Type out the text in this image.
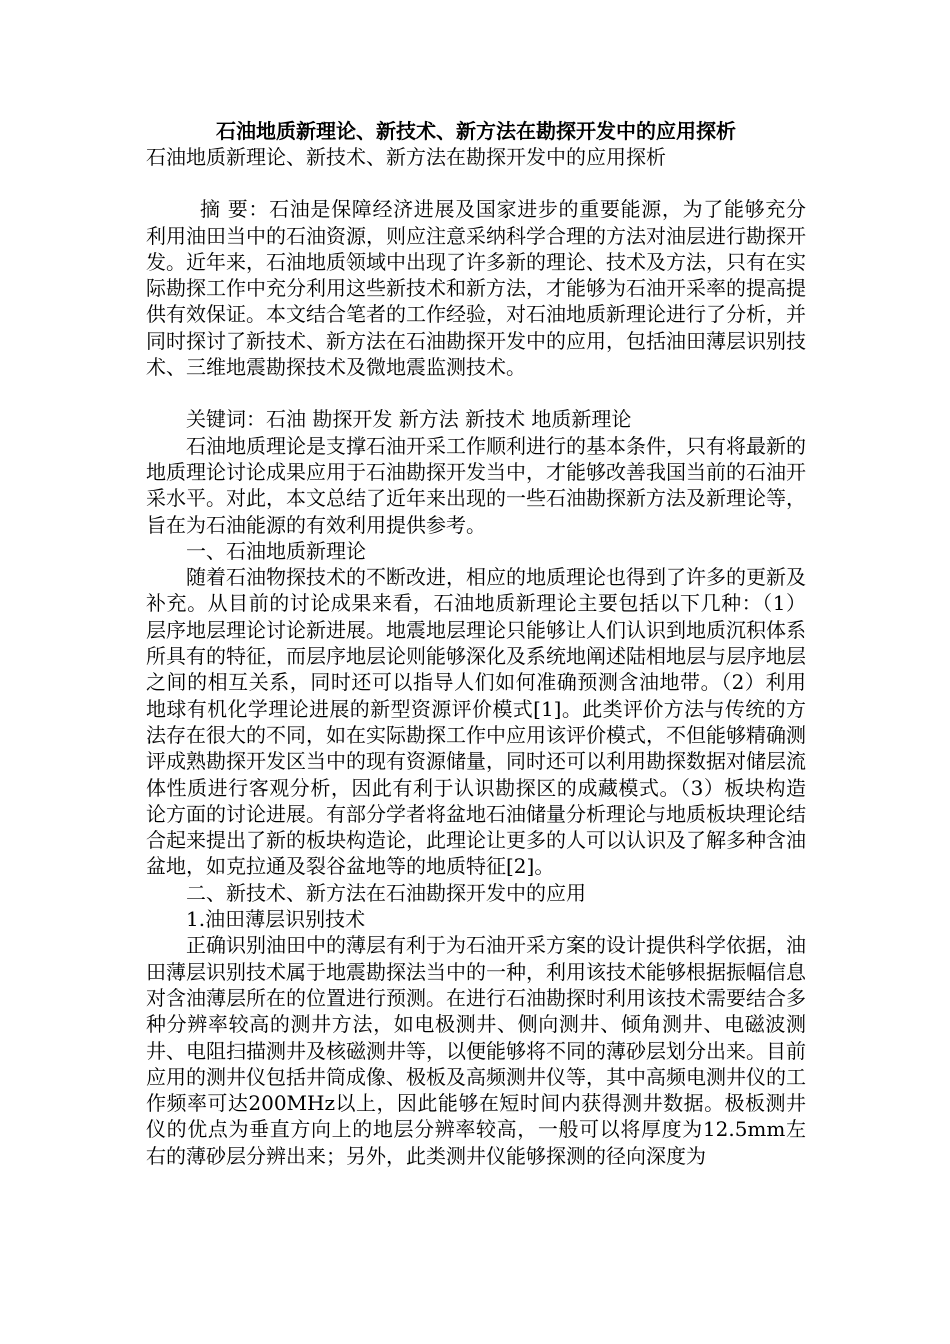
石油地质新理论、新技术、新方法在勘探开发中的应用探析

石油地质新理论、新技术、新方法在勘探开发中的应用探析

摘 要：石油是保障经济进展及国家进步的重要能源，为了能够充分利用油田当中的石油资源，则应注意采纳科学合理的方法对油层进行勘探开发。近年来，石油地质领域中出现了许多新的理论、技术及方法，只有在实际勘探工作中充分利用这些新技术和新方法，才能够为石油开采率的提高提供有效保证。本文结合笔者的工作经验，对石油地质新理论进行了分析，并同时探讨了新技术、新方法在石油勘探开发中的应用，包括油田薄层识别技术、三维地震勘探技术及微地震监测技术。

关键词：石油 勘探开发 新方法 新技术 地质新理论

石油地质理论是支撑石油开采工作顺利进行的基本条件，只有将最新的地质理论讨论成果应用于石油勘探开发当中，才能够改善我国当前的石油开采水平。对此，本文总结了近年来出现的一些石油勘探新方法及新理论等，旨在为石油能源的有效利用提供参考。

一、石油地质新理论

随着石油物探技术的不断改进，相应的地质理论也得到了许多的更新及补充。从目前的讨论成果来看，石油地质新理论主要包括以下几种：（1）层序地层理论讨论新进展。地震地层理论只能够让人们认识到地质沉积体系所具有的特征，而层序地层论则能够深化及系统地阐述陆相地层与层序地层之间的相互关系，同时还可以指导人们如何准确预测含油地带。（2）利用地球有机化学理论进展的新型资源评价模式[1]。此类评价方法与传统的方法存在很大的不同，如在实际勘探工作中应用该评价模式，不但能够精确测评成熟勘探开发区当中的现有资源储量，同时还可以利用勘探数据对储层流体性质进行客观分析，因此有利于认识勘探区的成藏模式。（3）板块构造论方面的讨论进展。有部分学者将盆地石油储量分析理论与地质板块理论结合起来提出了新的板块构造论，此理论让更多的人可以认识及了解多种含油盆地，如克拉通及裂谷盆地等的地质特征[2]。

二、新技术、新方法在石油勘探开发中的应用

1.油田薄层识别技术

正确识别油田中的薄层有利于为石油开采方案的设计提供科学依据，油田薄层识别技术属于地震勘探法当中的一种，利用该技术能够根据振幅信息对含油薄层所在的位置进行预测。在进行石油勘探时利用该技术需要结合多种分辨率较高的测井方法，如电极测井、侧向测井、倾角测井、电磁波测井、电阻扫描测井及核磁测井等，以便能够将不同的薄砂层划分出来。目前应用的测井仪包括井筒成像、极板及高频测井仪等，其中高频电测井仪的工作频率可达200MHz以上，因此能够在短时间内获得测井数据。极板测井仪的优点为垂直方向上的地层分辨率较高，一般可以将厚度为12.5mm左右的薄砂层分辨出来；另外，此类测井仪能够探测的径向深度为
